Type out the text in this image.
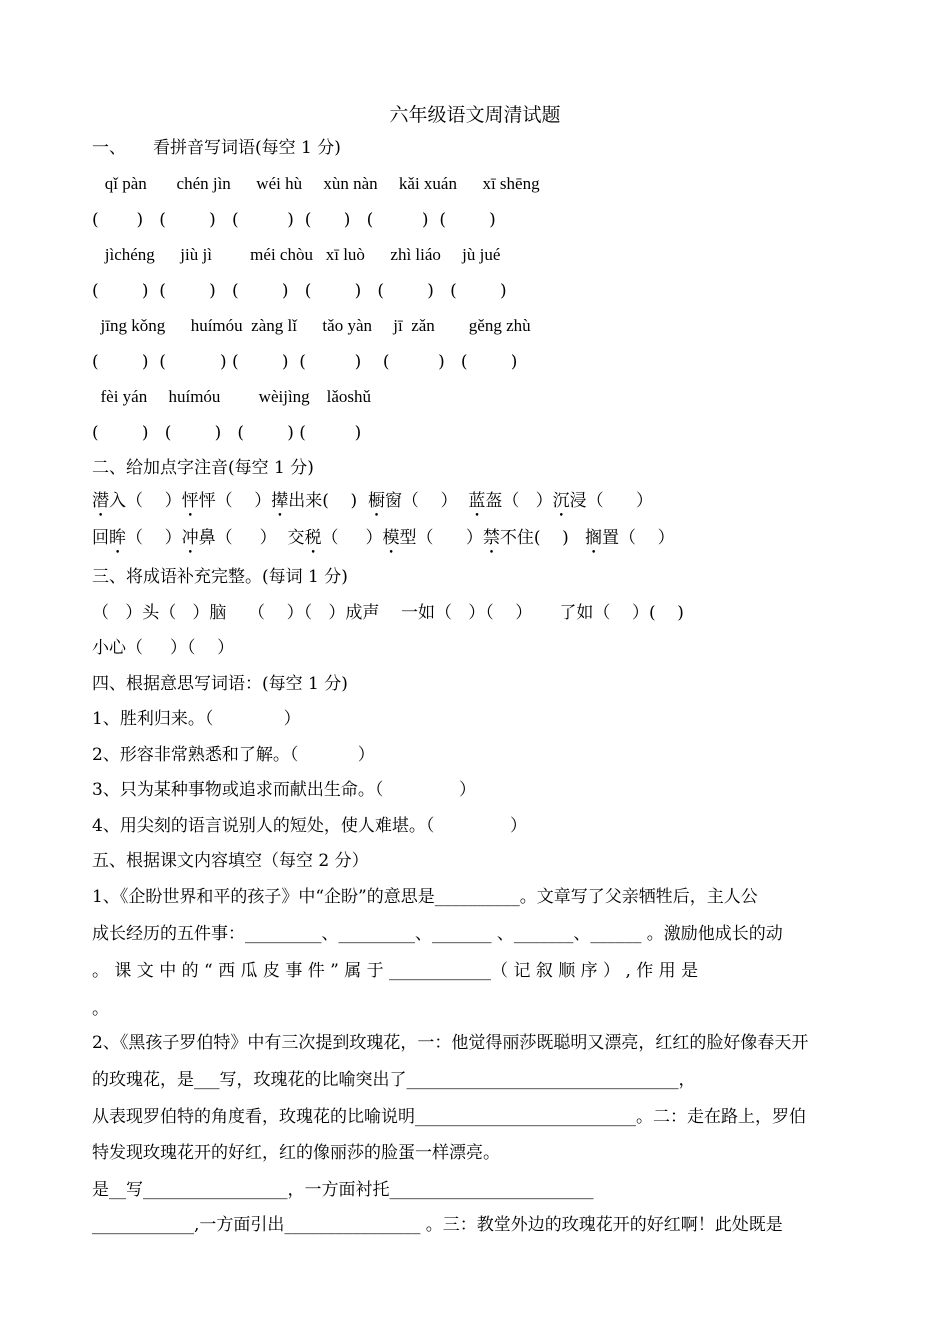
六年级语文周清试题
一、     看拼音写词语(每空 1 分)
qǐ pàn       chén jìn      wéi hù     xùn nàn     kǎi xuán      xī shēng
(       )   (        )   (         )  (      )   (         )  (        )
jìchéng      jiù jì         méi chòu   xī luò      zhì liáo     jù jué
(        )  (        )   (        )   (        )   (        )   (        )
jīng kǒng      huímóu  zàng lǐ      tǎo yàn     jī  zǎn        gěng zhù
(        )  (          ) (        )  (         )    (         )   (        )
fèi yán     huímóu         wèijìng    lǎoshǔ
(        )   (        )   (        ) (         )
二、给加点字注音(每空 1 分)
潜入（    ）怦怦（    ）撵出来(    )  橱窗（    ）  蓝盔（   ）沉浸（      ）
回眸（    ）冲鼻（     ）  交税（     ）模型（      ）禁不住(    )   搁置（    ）
三、将成语补充完整。(每词 1 分)
（   ）头（   ）脑    （    ）（   ）成声    一如（   ）（    ）     了如（    ）(    )
小心（     ）（    ）
四、根据意思写词语：(每空 1 分)
1、胜利归来。（             ）
2、形容非常熟悉和了解。（           ）
3、只为某种事物或追求而献出生命。（              ）
4、用尖刻的语言说别人的短处，使人难堪。（              ）
五、根据课文内容填空（每空 2 分）
1、《企盼世界和平的孩子》中“企盼”的意思是__________。文章写了父亲牺牲后，主人公
成长经历的五件事：_________、_________、_______ 、_______、______ 。激励他成长的动
。 课 文 中 的 “ 西 瓜 皮 事 件 ” 属 于 ____________（ 记 叙 顺 序 ） , 作 用 是
。
2、《黑孩子罗伯特》中有三次提到玫瑰花，一：他觉得丽莎既聪明又漂亮，红红的脸好像春天开
的玫瑰花，是___写，玫瑰花的比喻突出了________________________________，
从表现罗伯特的角度看，玫瑰花的比喻说明__________________________。二：走在路上，罗伯
特发现玫瑰花开的好红，红的像丽莎的脸蛋一样漂亮。
是__写_________________，一方面衬托________________________
____________,一方面引出________________ 。三：教堂外边的玫瑰花开的好红啊！此处既是
